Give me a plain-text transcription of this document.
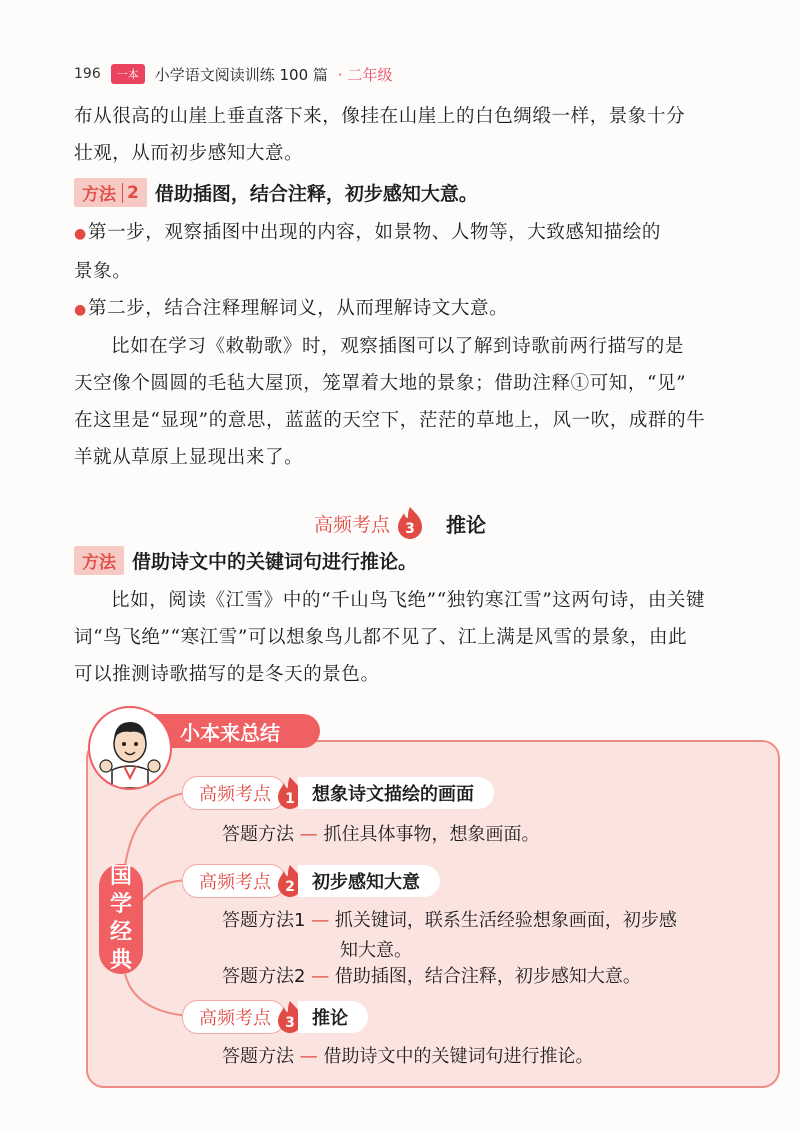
196	一本	小学语文阅读训练 100 篇 · 二年级
布从很高的山崖上垂直落下来，像挂在山崖上的白色绸缎一样，景象十分
壮观，从而初步感知大意。
方法 2 借助插图，结合注释，初步感知大意。
●第一步，观察插图中出现的内容，如景物、人物等，大致感知描绘的
景象。
●第二步，结合注释理解词义，从而理解诗文大意。
比如在学习《敕勒歌》时，观察插图可以了解到诗歌前两行描写的是
天空像个圆圆的毛毡大屋顶，笼罩着大地的景象；借助注释①可知，“见”
在这里是“显现”的意思，蓝蓝的天空下，茫茫的草地上，风一吹，成群的牛
羊就从草原上显现出来了。
高频考点 3 推论
方法 借助诗文中的关键词句进行推论。
比如，阅读《江雪》中的“千山鸟飞绝”“独钓寒江雪”这两句诗，由关键
词“鸟飞绝”“寒江雪”可以想象鸟儿都不见了、江上满是风雪的景象，由此
可以推测诗歌描写的是冬天的景色。
小本来总结
国
学
经
典
高频考点	1 想象诗文描绘的画面
答题方法 — 抓住具体事物，想象画面。
高频考点	2 初步感知大意
答题方法1 — 抓关键词，联系生活经验想象画面，初步感
知大意。
答题方法2 — 借助插图，结合注释，初步感知大意。
高频考点	3 推论
答题方法 — 借助诗文中的关键词句进行推论。
